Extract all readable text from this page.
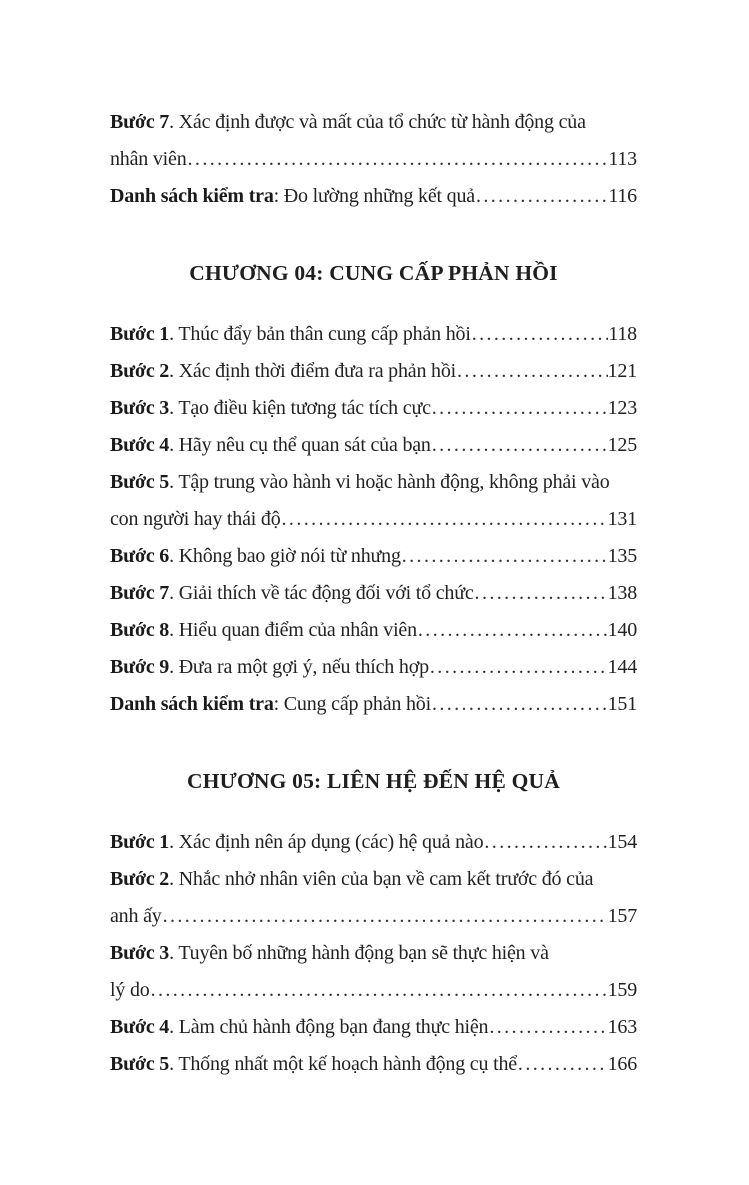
Bước 7. Xác định được và mất của tổ chức từ hành động của
nhân viên .....	113
Danh sách kiểm tra : Đo lường những kết quả .....	116
CHƯƠNG 04: CUNG CẤP PHẢN HỒI
Bước 1 . Thúc đẩy bản thân cung cấp phản hồi .....	118
Bước 2 . Xác định thời điểm đưa ra phản hồi .....	121
Bước 3 . Tạo điều kiện tương tác tích cực .....	123
Bước 4 . Hãy nêu cụ thể quan sát của bạn .....	125
Bước 5. Tập trung vào hành vi hoặc hành động, không phải vào
con người hay thái độ .....	131
Bước 6 . Không bao giờ nói từ nhưng .....	135
Bước 7 . Giải thích về tác động đối với tổ chức .....	138
Bước 8 . Hiểu quan điểm của nhân viên .....	140
Bước 9 . Đưa ra một gợi ý, nếu thích hợp .....	144
Danh sách kiểm tra : Cung cấp phản hồi .....	151
CHƯƠNG 05: LIÊN HỆ ĐẾN HỆ QUẢ
Bước 1 . Xác định nên áp dụng (các) hệ quả nào .....	154
Bước 2. Nhắc nhở nhân viên của bạn về cam kết trước đó của
anh ấy .....	157
Bước 3. Tuyên bố những hành động bạn sẽ thực hiện và
lý do .....	159
Bước 4 . Làm chủ hành động bạn đang thực hiện .....	163
Bước 5 . Thống nhất một kế hoạch hành động cụ thể .....	166
